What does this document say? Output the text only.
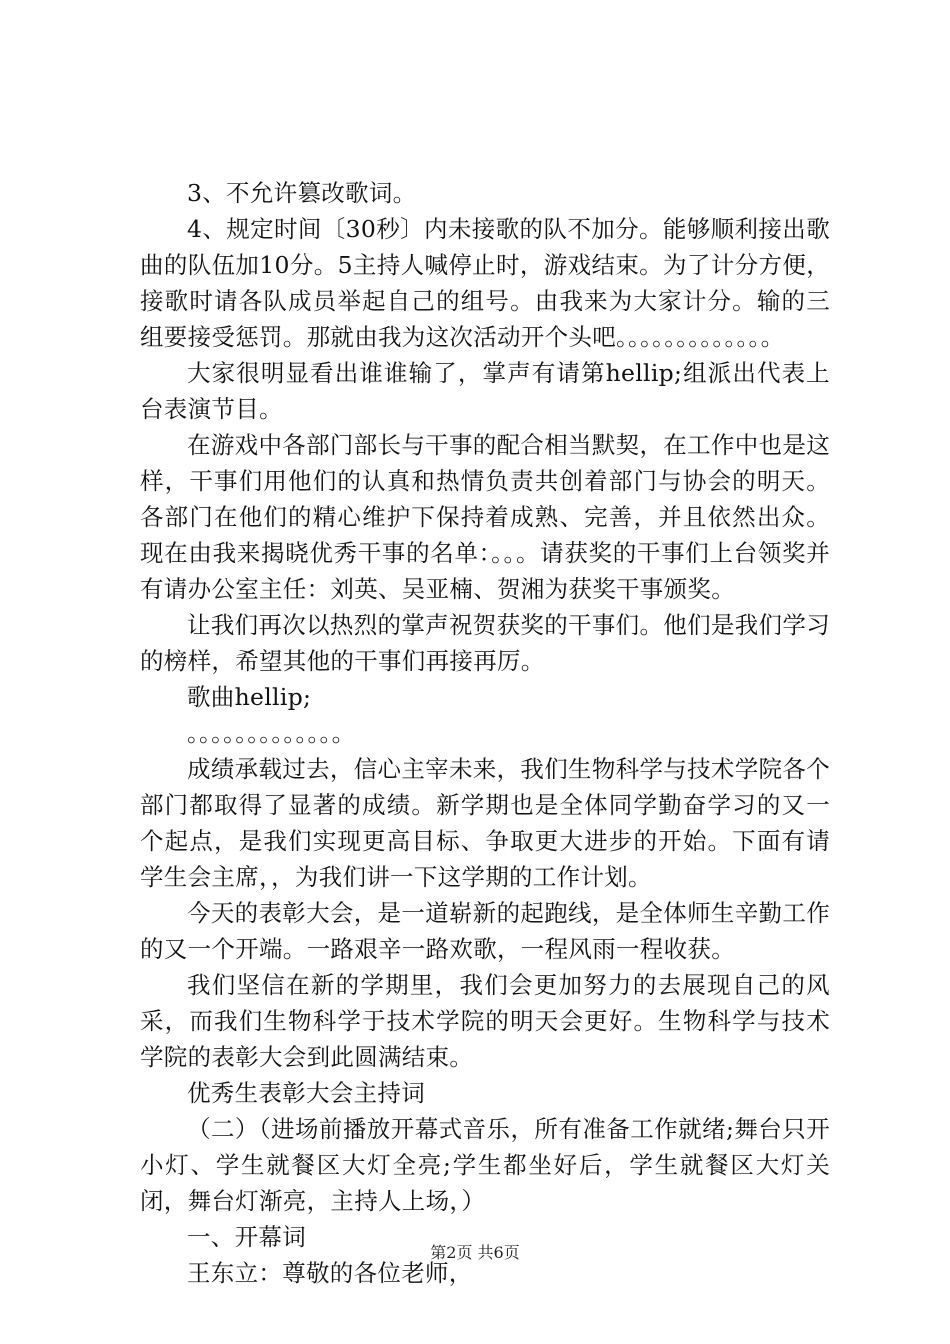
3、不允许篡改歌词。

4、规定时间〔30秒〕内未接歌的队不加分。能够顺利接出歌曲的队伍加10分。5主持人喊停止时，游戏结束。为了计分方便，接歌时请各队成员举起自己的组号。由我来为大家计分。输的三组要接受惩罚。那就由我为这次活动开个头吧。。。。。。。。。。。。。

大家很明显看出谁谁输了，掌声有请第hellip;组派出代表上台表演节目。

在游戏中各部门部长与干事的配合相当默契，在工作中也是这样，干事们用他们的认真和热情负责共创着部门与协会的明天。各部门在他们的精心维护下保持着成熟、完善，并且依然出众。现在由我来揭晓优秀干事的名单：。。。请获奖的干事们上台领奖并有请办公室主任：刘英、吴亚楠、贺湘为获奖干事颁奖。

让我们再次以热烈的掌声祝贺获奖的干事们。他们是我们学习的榜样，希望其他的干事们再接再厉。

歌曲hellip;

。。。。。。。。。。。。。

成绩承载过去，信心主宰未来，我们生物科学与技术学院各个部门都取得了显著的成绩。新学期也是全体同学勤奋学习的又一个起点，是我们实现更高目标、争取更大进步的开始。下面有请学生会主席，，为我们讲一下这学期的工作计划。

今天的表彰大会，是一道崭新的起跑线，是全体师生辛勤工作的又一个开端。一路艰辛一路欢歌，一程风雨一程收获。

我们坚信在新的学期里，我们会更加努力的去展现自己的风采，而我们生物科学于技术学院的明天会更好。生物科学与技术学院的表彰大会到此圆满结束。

优秀生表彰大会主持词

（二）（进场前播放开幕式音乐，所有准备工作就绪;舞台只开小灯、学生就餐区大灯全亮;学生都坐好后，学生就餐区大灯关闭，舞台灯渐亮，主持人上场，）

一、开幕词

王东立：尊敬的各位老师，

第2页 共6页
